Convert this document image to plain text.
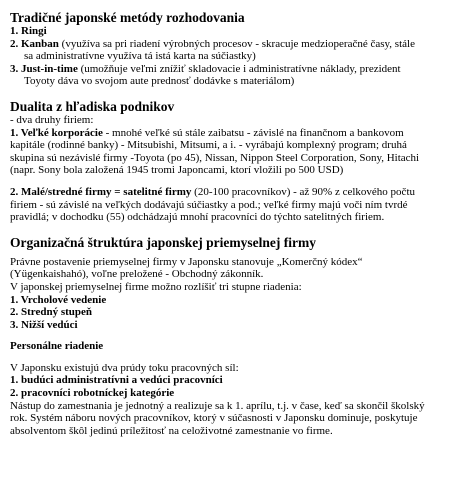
Tradičné japonské metódy rozhodovania

1. Ringi

2. Kanban (využíva sa pri riadení výrobných procesov - skracuje medzioperačné časy, stále

sa administratívne využíva tá istá karta na súčiastky)

3. Just-in-time (umožňuje veľmi znížiť skladovacie i administratívne náklady, prezident

Toyoty dáva vo svojom aute prednosť dodávke s materiálom)

Dualita z hľadiska podnikov

- dva druhy firiem:

1. Veľké korporácie - mnohé veľké sú stále zaibatsu - závislé na finančnom a bankovom

kapitále (rodinné banky) - Mitsubishi, Mitsumi, a i. - vyrábajú komplexný program; druhá

skupina sú nezávislé firmy -Toyota (po 45), Nissan, Nippon Steel Corporation, Sony, Hitachi

(napr. Sony bola založená 1945 tromi Japoncami, ktorí vložili po 500 USD)

2. Malé/stredné firmy = satelitné firmy (20-100 pracovníkov) - až 90% z celkového počtu

firiem - sú závislé na veľkých dodávajú súčiastky a pod.; veľké firmy majú voči ním tvrdé

pravidlá; v dochodku (55) odchádzajú mnohí pracovníci do týchto satelitných firiem.

Organizačná štruktúra japonskej priemyselnej firmy

Právne postavenie priemyselnej firmy v Japonsku stanovuje „Komerčný kódex“

(Yügenkaishahó), voľne preložené - Obchodný zákonník.

V japonskej priemyselnej firme možno rozlíšiť tri stupne riadenia:

1. Vrcholové vedenie

2. Stredný stupeň

3. Nižší vedúci

Personálne riadenie

V Japonsku existujú dva prúdy toku pracovných síl:

1. budúci administratívni a vedúci pracovníci

2. pracovníci robotníckej kategórie

Nástup do zamestnania je jednotný a realizuje sa k 1. aprílu, t.j. v čase, keď sa skončil školský

rok. Systém náboru nových pracovníkov, ktorý v súčasnosti v Japonsku dominuje, poskytuje

absolventom škôl jedinú príležitosť na celoživotné zamestnanie vo firme.
